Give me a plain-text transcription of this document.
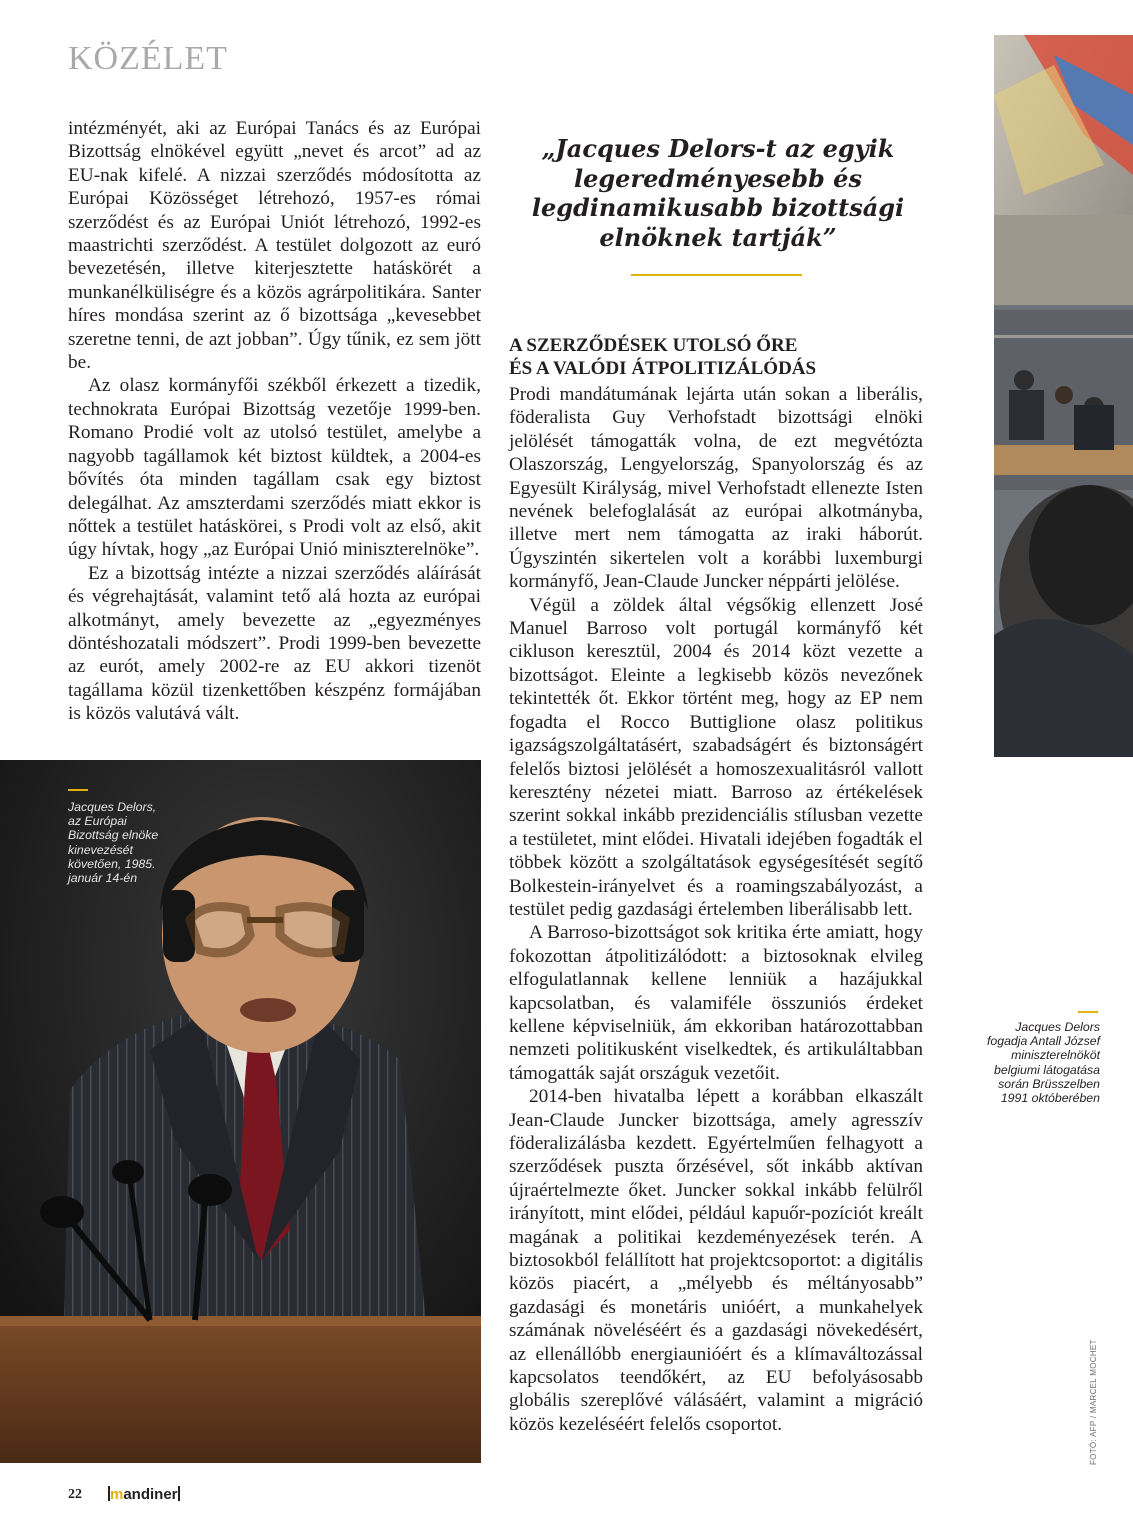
KÖZÉLET

intézményét, aki az Európai Tanács és az Európai Bizottság elnökével együtt „nevet és arcot” ad az EU-nak kifelé. A nizzai szerződés módosította az Európai Közösséget létrehozó, 1957-es római szerződést és az Európai Uniót létrehozó, 1992-es maastrichti szerződést. A testület dolgozott az euró bevezetésén, illetve kiterjesztette hatáskörét a munkanélküliségre és a közös agrárpolitikára. Santer híres mondása szerint az ő bizottsága „kevesebbet szeretne tenni, de azt jobban”. Úgy tűnik, ez sem jött be.

Az olasz kormányfői székből érkezett a tizedik, technokrata Európai Bizottság vezetője 1999-ben. Romano Prodié volt az utolsó testület, amelybe a nagyobb tagállamok két biztost küldtek, a 2004-es bővítés óta minden tagállam csak egy biztost delegálhat. Az amszterdami szerződés miatt ekkor is nőttek a testület hatáskörei, s Prodi volt az első, akit úgy hívtak, hogy „az Európai Unió miniszterelnöke”.

Ez a bizottság intézte a nizzai szerződés aláírását és végrehajtását, valamint tető alá hozta az európai alkotmányt, amely bevezette az „egyezményes döntéshozatali módszert”. Prodi 1999-ben bevezette az eurót, amely 2002-re az EU akkori tizenöt tagállama közül tizenkettőben készpénz formájában is közös valutává vált.

„Jacques Delors-t az egyik legeredményesebb és legdinamikusabb bizottsági elnöknek tartják”
A SZERZŐDÉSEK UTOLSÓ ŐRE
ÉS A VALÓDI ÁTPOLITIZÁLÓDÁS

Prodi mandátumának lejárta után sokan a liberális, föderalista Guy Verhofstadt bizottsági elnöki jelölését támogatták volna, de ezt megvétózta Olaszország, Lengyelország, Spanyolország és az Egyesült Királyság, mivel Verhofstadt ellenezte Isten nevének belefoglalását az európai alkotmányba, illetve mert nem támogatta az iraki háborút. Úgyszintén sikertelen volt a korábbi luxemburgi kormányfő, Jean-Claude Juncker néppárti jelölése.

Végül a zöldek által végsőkig ellenzett José Manuel Barroso volt portugál kormányfő két cikluson keresztül, 2004 és 2014 közt vezette a bizottságot. Eleinte a legkisebb közös nevezőnek tekintették őt. Ekkor történt meg, hogy az EP nem fogadta el Rocco Buttiglione olasz politikus igazságszolgáltatásért, szabadságért és biztonságért felelős biztosi jelölését a homoszexualitásról vallott keresztény nézetei miatt. Barroso az értékelések szerint sokkal inkább prezidenciális stílusban vezette a testületet, mint elődei. Hivatali idejében fogadták el többek között a szolgáltatások egységesítését segítő Bolkestein-irányelvet és a roamingszabályozást, a testület pedig gazdasági értelemben liberálisabb lett.

A Barroso-bizottságot sok kritika érte amiatt, hogy fokozottan átpolitizálódott: a biztosoknak elvileg elfogulatlannak kellene lenniük a hazájukkal kapcsolatban, és valamiféle összuniós érdeket kellene képviselniük, ám ekkoriban határozottabban nemzeti politikusként viselkedtek, és artikuláltabban támogatták saját országuk vezetőit.

2014-ben hivatalba lépett a korábban elkaszált Jean-Claude Juncker bizottsága, amely agresszív föderalizálásba kezdett. Egyértelműen felhagyott a szerződések puszta őrzésével, sőt inkább aktívan újraértelmezte őket. Juncker sokkal inkább felülről irányított, mint elődei, például kapuőr-pozíciót kreált magának a politikai kezdeményezések terén. A biztosokból felállított hat projektcsoportot: a digitális közös piacért, a „mélyebb és méltányosabb” gazdasági és monetáris unióért, a munkahelyek számának növeléséért és a gazdasági növekedésért, az ellenállóbb energiaunióért és a klímaváltozással kapcsolatos teendőkért, az EU befolyásosabb globális szereplővé válásáért, valamint a migráció közös kezeléséért felelős csoportot.

Jacques Delors,
az Európai
Bizottság elnöke
kinevezését
követően, 1985.
január 14-én
Jacques Delors
fogadja Antall József
miniszterelnököt
belgiumi látogatása
során Brüsszelben
1991 októberében
FOTÓ: AFP / MARCEL MOCHET
22 mandiner
